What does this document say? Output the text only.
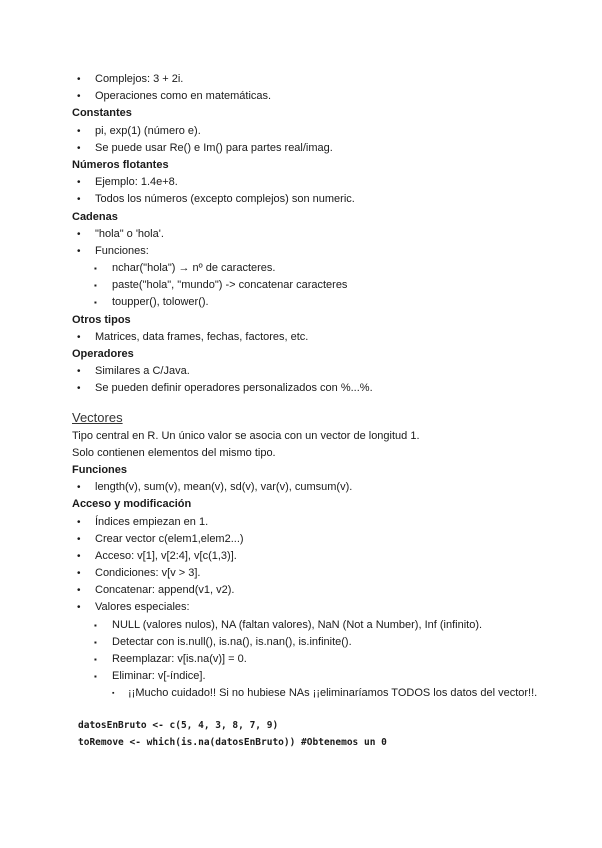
• Complejos: 3 + 2i.
• Operaciones como en matemáticas.
Constantes
• pi, exp(1) (número e).
• Se puede usar Re() e Im() para partes real/imag.
Números flotantes
• Ejemplo: 1.4e+8.
• Todos los números (excepto complejos) son numeric.
Cadenas
• "hola" o 'hola'.
• Funciones:
▪ nchar("hola") → nº de caracteres.
▪ paste("hola", "mundo") -> concatenar caracteres
▪ toupper(), tolower().
Otros tipos
• Matrices, data frames, fechas, factores, etc.
Operadores
• Similares a C/Java.
• Se pueden definir operadores personalizados con %...%.
Vectores
Tipo central en R. Un único valor se asocia con un vector de longitud 1.
Solo contienen elementos del mismo tipo.
Funciones
• length(v), sum(v), mean(v), sd(v), var(v), cumsum(v).
Acceso y modificación
• Índices empiezan en 1.
• Crear vector c(elem1,elem2...)
• Acceso: v[1], v[2:4], v[c(1,3)].
• Condiciones: v[v > 3].
• Concatenar: append(v1, v2).
• Valores especiales:
▪ NULL (valores nulos), NA (faltan valores), NaN (Not a Number), Inf (infinito).
▪ Detectar con is.null(), is.na(), is.nan(), is.infinite().
▪ Reemplazar: v[is.na(v)] = 0.
▪ Eliminar: v[-índice].
▪ ¡¡Mucho cuidado!! Si no hubiese NAs ¡¡eliminaríamos TODOS los datos del vector!!.
datosEnBruto <- c(5, 4, 3, 8, 7, 9)
toRemove <- which(is.na(datosEnBruto)) #Obtenemos un 0
